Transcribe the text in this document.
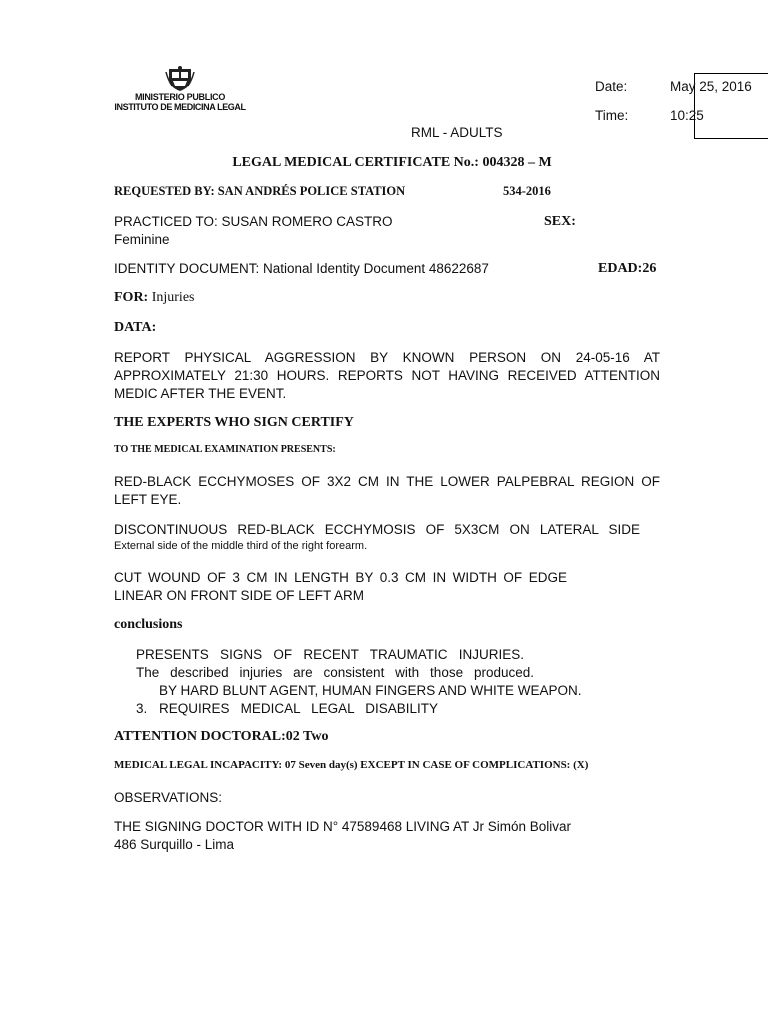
MINISTERIO PUBLICO
INSTITUTO DE MEDICINA LEGAL
Date:	May 25, 2016
Time:	10:25
RML - ADULTS
LEGAL MEDICAL CERTIFICATE No.: 004328 – M
REQUESTED BY: SAN ANDRÉS POLICE STATION	534-2016
PRACTICED TO: SUSAN ROMERO CASTRO	SEX:
Feminine
IDENTITY DOCUMENT: National Identity Document 48622687	EDAD:26
FOR: Injuries
DATA:
REPORT PHYSICAL AGGRESSION BY KNOWN PERSON ON 24-05-16 AT
APPROXIMATELY 21:30 HOURS. REPORTS NOT HAVING RECEIVED ATTENTION
MEDIC AFTER THE EVENT.
THE EXPERTS WHO SIGN CERTIFY
TO THE MEDICAL EXAMINATION PRESENTS:
RED-BLACK ECCHYMOSES OF 3X2 CM IN THE LOWER PALPEBRAL REGION OF
LEFT EYE.
DISCONTINUOUS RED-BLACK ECCHYMOSIS OF 5X3CM ON LATERAL SIDE
External side of the middle third of the right forearm.
CUT WOUND OF 3 CM IN LENGTH BY 0.3 CM IN WIDTH OF EDGE
LINEAR ON FRONT SIDE OF LEFT ARM
conclusions
PRESENTS SIGNS OF RECENT TRAUMATIC INJURIES.
The described injuries are consistent with those produced.
BY HARD BLUNT AGENT, HUMAN FINGERS AND WHITE WEAPON.
3. REQUIRES MEDICAL LEGAL DISABILITY
ATTENTION DOCTORAL:02 Two
MEDICAL LEGAL INCAPACITY: 07 Seven day(s) EXCEPT IN CASE OF COMPLICATIONS: (X)
OBSERVATIONS:
THE SIGNING DOCTOR WITH ID N° 47589468 LIVING AT Jr Simón Bolivar
486 Surquillo - Lima
